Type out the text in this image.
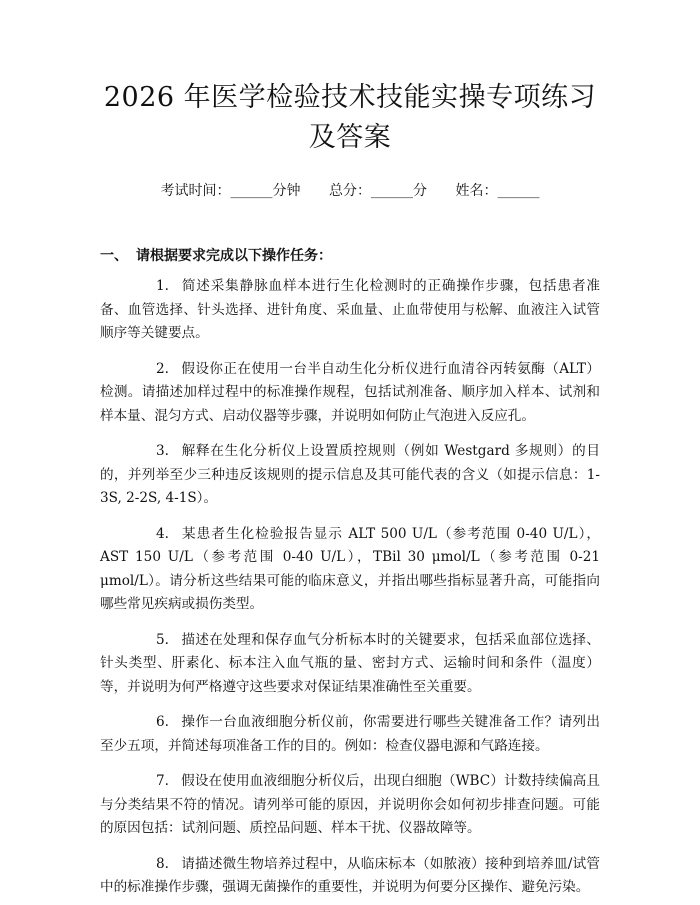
2026 年医学检验技术技能实操专项练习及答案
考试时间：______分钟 总分：______分 姓名：______
一、 请根据要求完成以下操作任务：

1. 简述采集静脉血样本进行生化检测时的正确操作步骤，包括患者准备、血管选择、针头选择、进针角度、采血量、止血带使用与松解、血液注入试管顺序等关键要点。

2. 假设你正在使用一台半自动生化分析仪进行血清谷丙转氨酶（ALT）检测。请描述加样过程中的标准操作规程，包括试剂准备、顺序加入样本、试剂和样本量、混匀方式、启动仪器等步骤，并说明如何防止气泡进入反应孔。

3. 解释在生化分析仪上设置质控规则（例如 Westgard 多规则）的目的，并列举至少三种违反该规则的提示信息及其可能代表的含义（如提示信息：1-3S, 2-2S, 4-1S）。

4. 某患者生化检验报告显示 ALT 500 U/L（参考范围 0-40 U/L），AST 150 U/L（参考范围 0-40 U/L），TBil 30 μmol/L（参考范围 0-21 μmol/L）。请分析这些结果可能的临床意义，并指出哪些指标显著升高，可能指向哪些常见疾病或损伤类型。

5. 描述在处理和保存血气分析标本时的关键要求，包括采血部位选择、针头类型、肝素化、标本注入血气瓶的量、密封方式、运输时间和条件（温度）等，并说明为何严格遵守这些要求对保证结果准确性至关重要。

6. 操作一台血液细胞分析仪前，你需要进行哪些关键准备工作？请列出至少五项，并简述每项准备工作的目的。例如：检查仪器电源和气路连接。

7. 假设在使用血液细胞分析仪后，出现白细胞（WBC）计数持续偏高且与分类结果不符的情况。请列举可能的原因，并说明你会如何初步排查问题。可能的原因包括：试剂问题、质控品问题、样本干扰、仪器故障等。

8. 请描述微生物培养过程中，从临床标本（如脓液）接种到培养皿/试管中的标准操作步骤，强调无菌操作的重要性，并说明为何要分区操作、避免污染。
